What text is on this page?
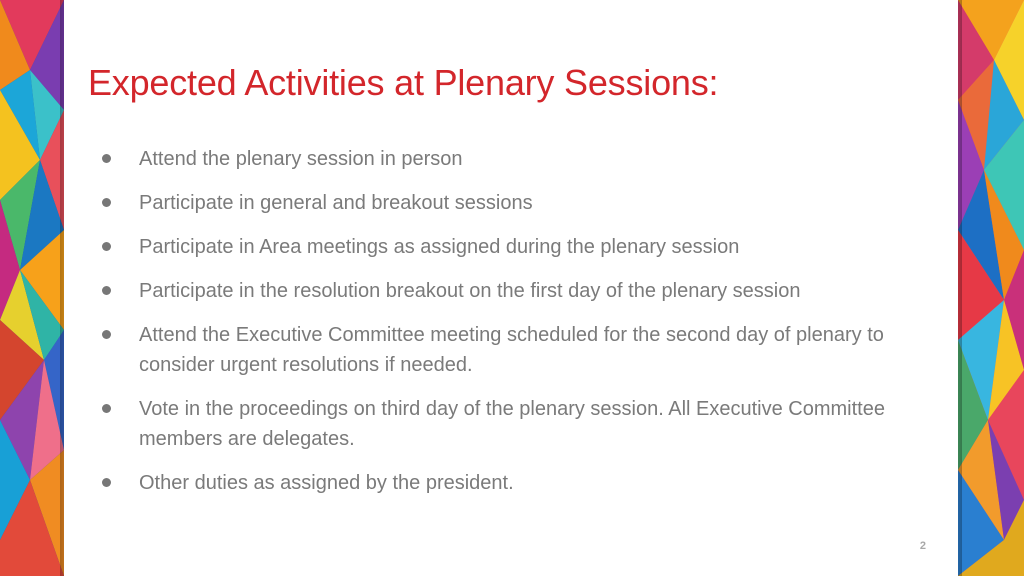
Expected Activities at Plenary Sessions:
Attend the plenary session in person
Participate in general and breakout sessions
Participate in Area meetings as assigned during the plenary session
Participate in the resolution breakout on the first day of the plenary session
Attend the Executive Committee meeting scheduled for the second day of plenary to consider urgent resolutions if needed.
Vote in the proceedings on third day of the plenary session. All Executive Committee members are delegates.
Other duties as assigned by the president.
2
